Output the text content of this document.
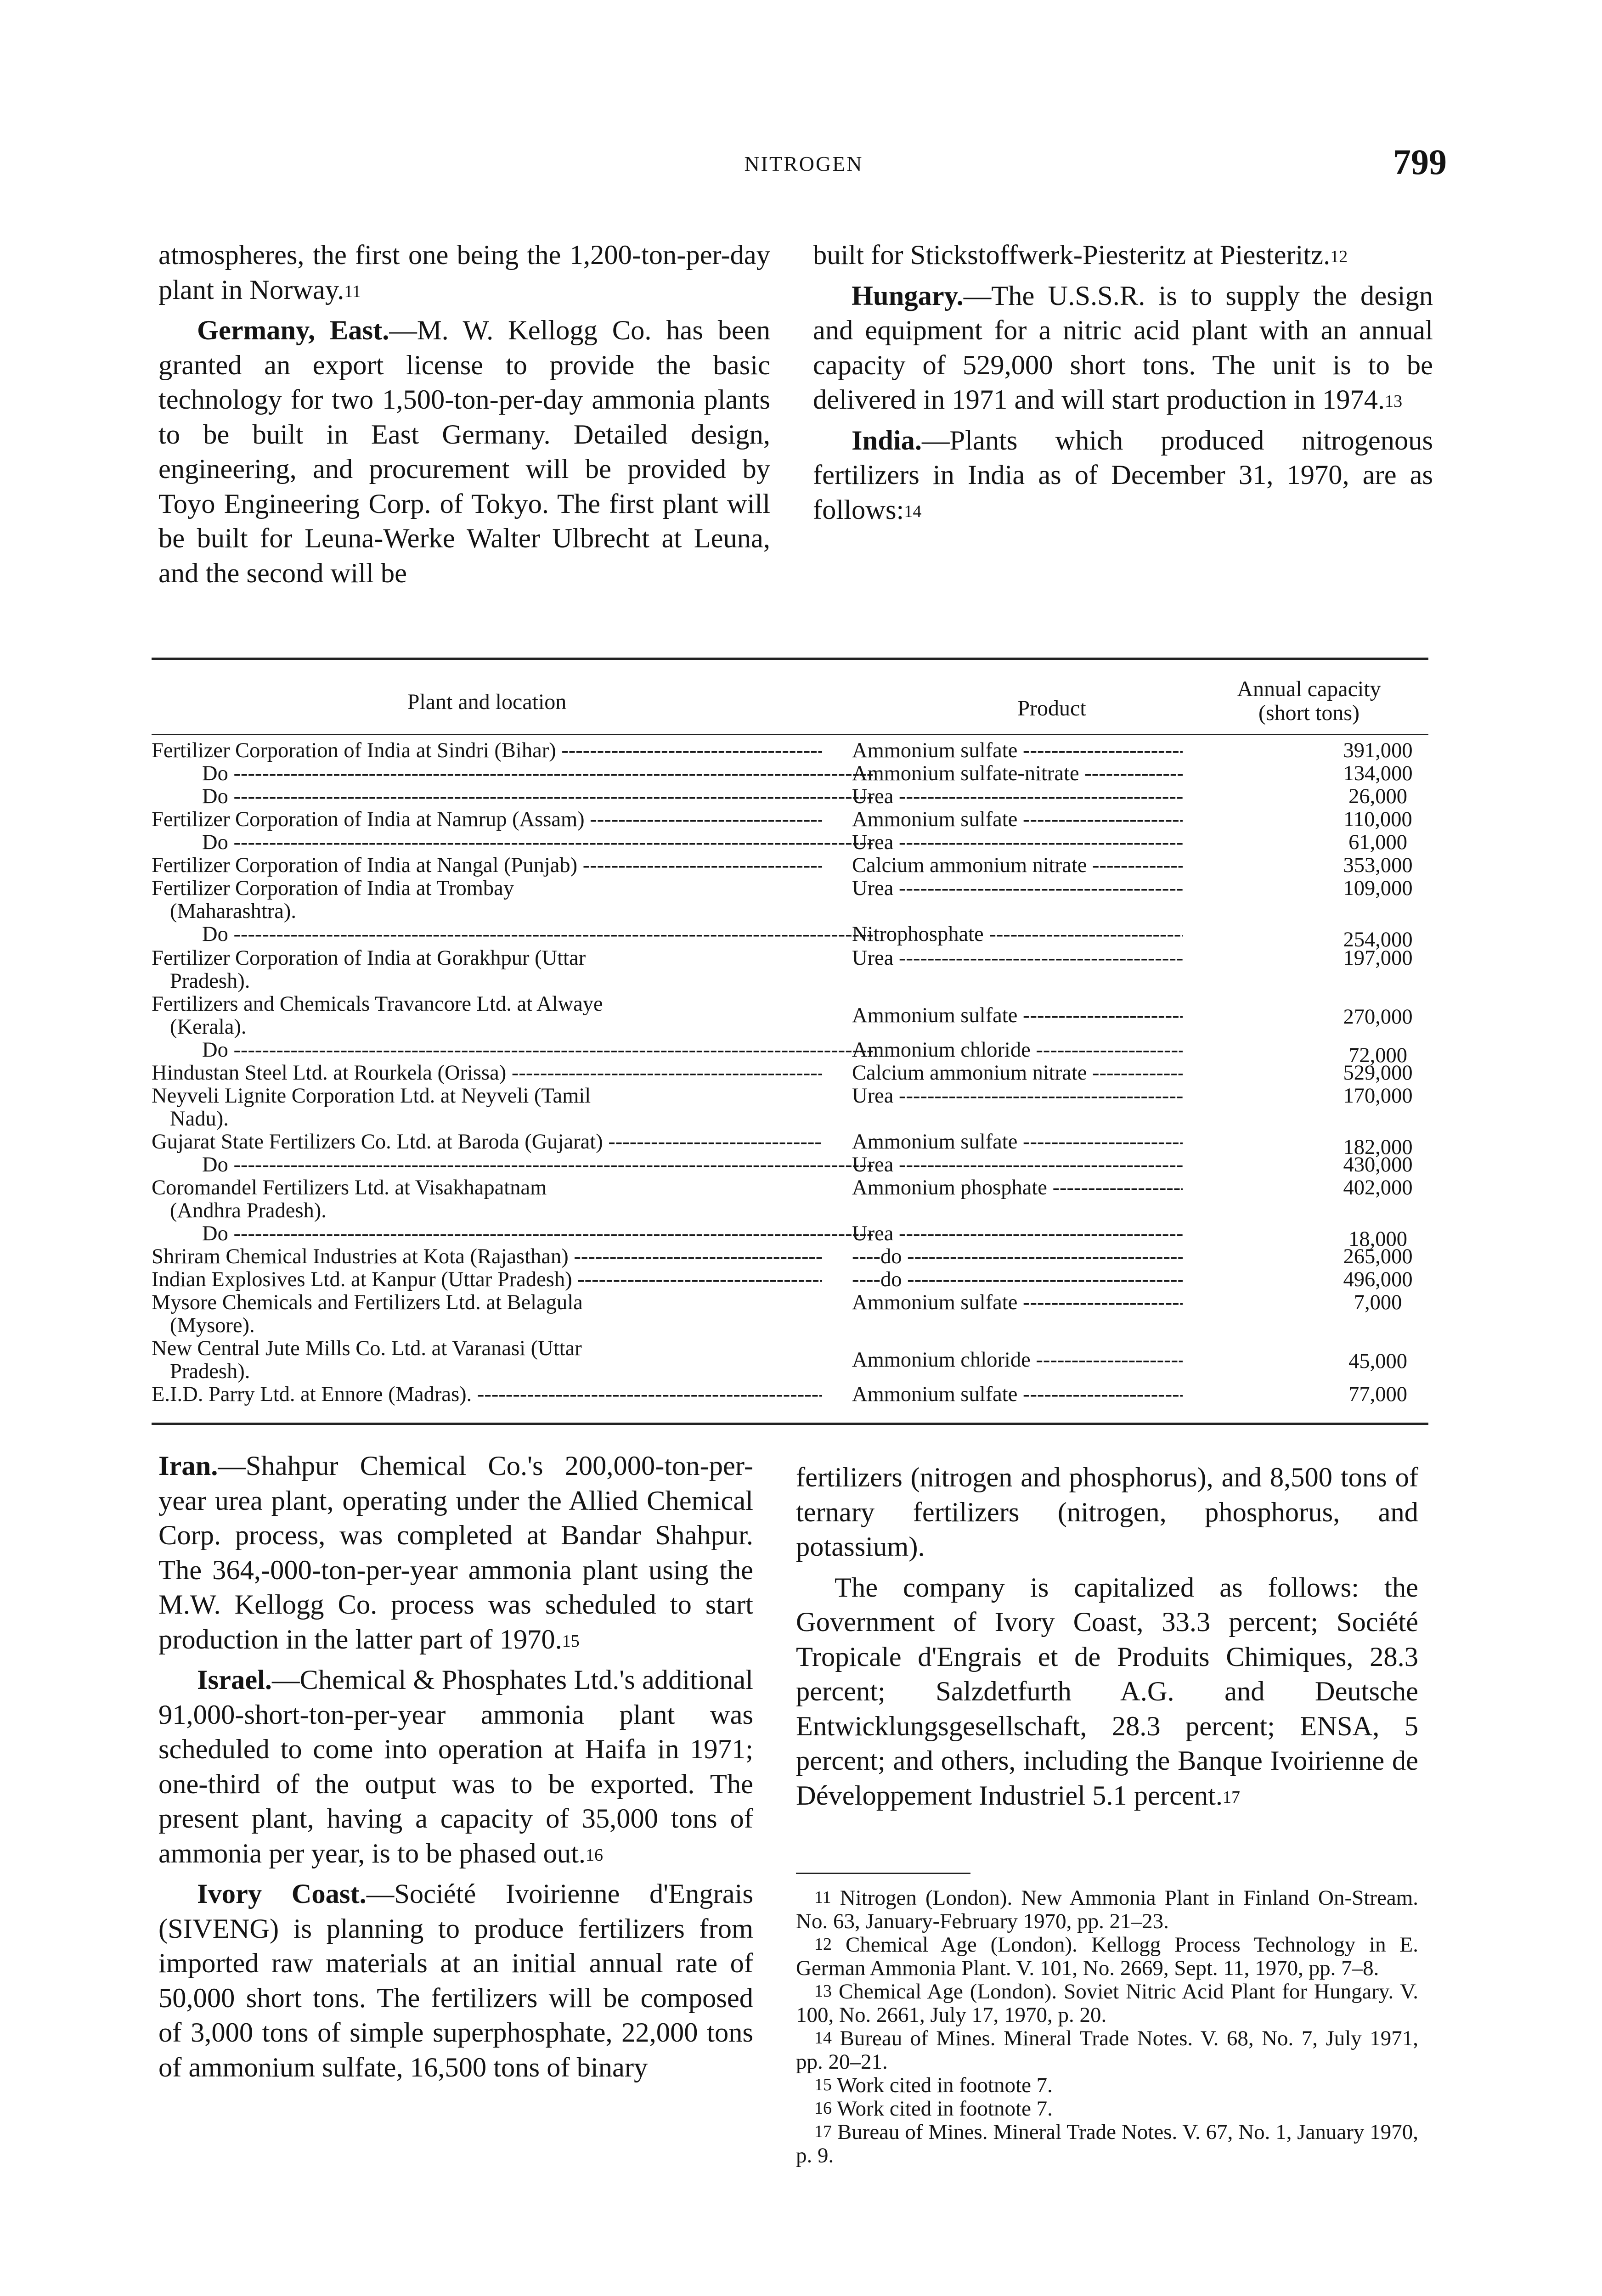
NITROGEN	799

atmospheres, the first one being the 1,200-ton-per-day plant in Norway.$^{11}$

Germany, East.—M. W. Kellogg Co. has been granted an export license to provide the basic technology for two 1,500-ton-per-day ammonia plants to be built in East Germany. Detailed design, engineering, and procurement will be provided by Toyo Engineering Corp. of Tokyo. The first plant will be built for Leuna-Werke Walter Ulbrecht at Leuna, and the second will be

built for Stickstoffwerk-Piesteritz at Piesteritz.$^{12}$

Hungary.—The U.S.S.R. is to supply the design and equipment for a nitric acid plant with an annual capacity of 529,000 short tons. The unit is to be delivered in 1971 and will start production in 1974.13

India.—Plants which produced nitrogenous fertilizers in India as of December 31, 1970, are as follows:$^{14}$

Plant and location	Product
Annual capacity
(short tons)
Fertilizer Corporation of India at Sindri (Bihar) -----	Ammonium sulfate -----	391,000
Do -----	Ammonium sulfate-nitrate -----	134,000
Do -----	Urea -----	26,000
Fertilizer Corporation of India at Namrup (Assam) -----	Ammonium sulfate -----	110,000
Do -----	Urea -----	61,000
Fertilizer Corporation of India at Nangal (Punjab) -----	Calcium ammonium nitrate -----	353,000
Fertilizer Corporation of India at Trombay	Urea -----	109,000
(Maharashtra).
Do -----	Nitrophosphate -----	254,000
Fertilizer Corporation of India at Gorakhpur (Uttar	Urea -----	197,000
Pradesh).
Fertilizers and Chemicals Travancore Ltd. at Alwaye	Ammonium sulfate -----	270,000
(Kerala).
Do -----	Ammonium chloride -----	72,000
Hindustan Steel Ltd. at Rourkela (Orissa) -----	Calcium ammonium nitrate -----	529,000
Neyveli Lignite Corporation Ltd. at Neyveli (Tamil	Urea -----	170,000
Nadu).
Gujarat State Fertilizers Co. Ltd. at Baroda (Gujarat) -----	Ammonium sulfate -----	182,000
Do -----	Urea -----	430,000
Coromandel Fertilizers Ltd. at Visakhapatnam	Ammonium phosphate -----	402,000
(Andhra Pradesh).
Do -----	Urea -----	18,000
Shriram Chemical Industries at Kota (Rajasthan) -----	----do -----	265,000
Indian Explosives Ltd. at Kanpur (Uttar Pradesh) -----	----do -----	496,000
Mysore Chemicals and Fertilizers Ltd. at Belagula	Ammonium sulfate -----	7,000
(Mysore).
New Central Jute Mills Co. Ltd. at Varanasi (Uttar	Ammonium chloride -----	45,000
Pradesh).
E.I.D. Parry Ltd. at Ennore (Madras). -----	Ammonium sulfate -----	77,000

Iran.—Shahpur Chemical Co.'s 200,000-ton-per-year urea plant, operating under the Allied Chemical Corp. process, was completed at Bandar Shahpur. The 364,-000-ton-per-year ammonia plant using the M.W. Kellogg Co. process was scheduled to start production in the latter part of 1970.15

Israel.—Chemical & Phosphates Ltd.'s additional 91,000-short-ton-per-year ammonia plant was scheduled to come into operation at Haifa in 1971; one-third of the output was to be exported. The present plant, having a capacity of 35,000 tons of ammonia per year, is to be phased out.$^{16}$

Ivory Coast.—Société Ivoirienne d'Engrais (SIVENG) is planning to produce fertilizers from imported raw materials at an initial annual rate of 50,000 short tons. The fertilizers will be composed of 3,000 tons of simple superphosphate, 22,000 tons of ammonium sulfate, 16,500 tons of binary

fertilizers (nitrogen and phosphorus), and 8,500 tons of ternary fertilizers (nitrogen, phosphorus, and potassium).

The company is capitalized as follows: the Government of Ivory Coast, 33.3 percent; Société Tropicale d'Engrais et de Produits Chimiques, 28.3 percent; Salzdetfurth A.G. and Deutsche Entwicklungsgesellschaft, 28.3 percent; ENSA, 5 percent; and others, including the Banque Ivoirienne de Développement Industriel 5.1 percent.$^{17}$

$^{11}$ Nitrogen (London). New Ammonia Plant in Finland On-Stream. No. 63, January-February 1970, pp. 21–23.

$^{12}$ Chemical Age (London). Kellogg Process Technology in E. German Ammonia Plant. V. 101, No. 2669, Sept. 11, 1970, pp. 7–8.

$^{13}$ Chemical Age (London). Soviet Nitric Acid Plant for Hungary. V. 100, No. 2661, July 17, 1970, p. 20.

$^{14}$ Bureau of Mines. Mineral Trade Notes. V. 68, No. 7, July 1971, pp. 20–21.

$^{15}$ Work cited in footnote 7.

$^{16}$ Work cited in footnote 7.

$^{17}$ Bureau of Mines. Mineral Trade Notes. V. 67, No. 1, January 1970, p. 9.
